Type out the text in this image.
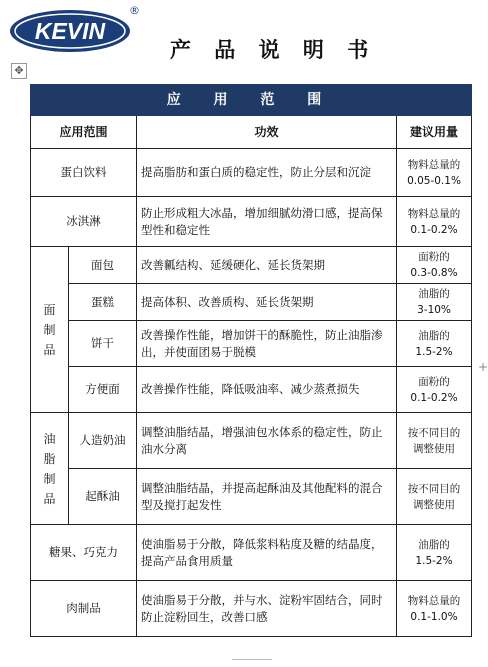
KEVIN
®
产 品 说 明 书
✥
+
应 用 范 围			
应用范围		功效	建议用量
蛋白饮料		提高脂肪和蛋白质的稳定性，防止分层和沉淀	物料总量的
0.05-0.1%
冰淇淋		防止形成粗大冰晶，增加细腻幼滑口感，提高保型性和稳定性	物料总量的
0.1-0.2%
面
制
品	面包	改善瓤结构、延缓硬化、延长货架期	面粉的
0.3-0.8%
	蛋糕	提高体积、改善质构、延长货架期	油脂的
3-10%
	饼干	改善操作性能，增加饼干的酥脆性，防止油脂渗出，并使面团易于脱模	油脂的
1.5-2%
	方便面	改善操作性能，降低吸油率、减少蒸煮损失	面粉的
0.1-0.2%
油
脂
制
品	人造奶油	调整油脂结晶，增强油包水体系的稳定性，防止油水分离	按不同目的
调整使用
	起酥油	调整油脂结晶，并提高起酥油及其他配料的混合型及搅打起发性	按不同目的
调整使用
糖果、巧克力		使油脂易于分散，降低浆料粘度及糖的结晶度，提高产品食用质量	油脂的
1.5-2%
肉制品		使油脂易于分散，并与水、淀粉牢固结合，同时防止淀粉回生，改善口感	物料总量的
0.1-1.0%
